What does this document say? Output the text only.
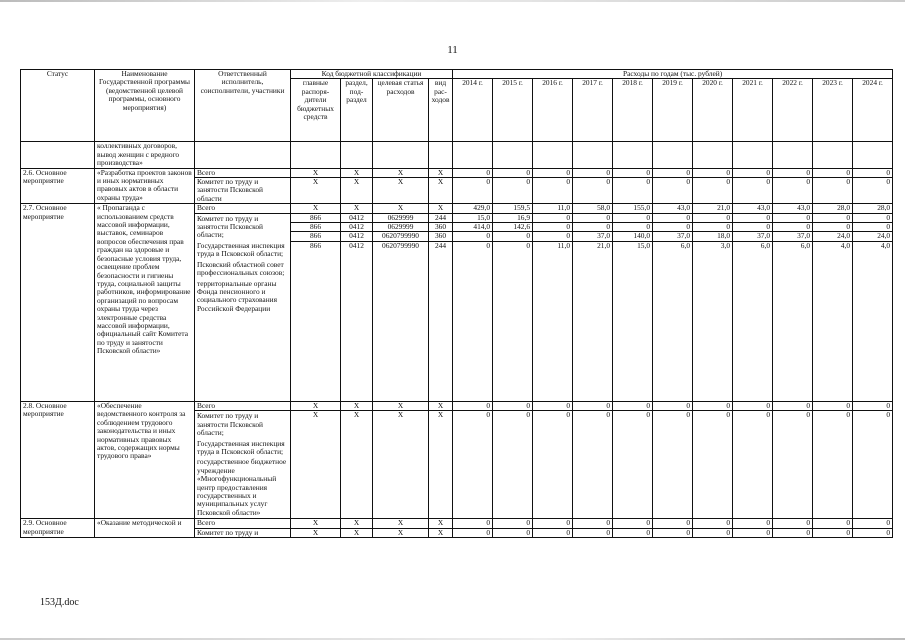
11
Статус	Наименование Государственной программы (ведомственной целевой программы, основного мероприятия)	Ответственный исполнитель, соисполнители, участники	Код бюджетной классификации				Расходы по годам (тыс. рублей)										
			главные распоря-дители бюджетных средств	раздел, под-раздел	целевая статья расходов	вид рас-ходов	2014 г.	2015 г.	2016 г.	2017 г.	2018 г.	2019 г.	2020 г.	2021 г.	2022 г.	2023 г.	2024 г.
	коллективных договоров, вывод женщин с вредного производства»																
2.6. Основное мероприятие	«Разработка проектов законов и иных нормативных правовых актов в области охраны труда»	Всего	X	X	X	X	0	0	0	0	0	0	0	0	0	0	0
		Комитет по труду и занятости Псковской области	X	X	X	X	0	0	0	0	0	0	0	0	0	0	0
2.7. Основное мероприятие	« Пропаганда с использованием средств массовой информации, выставок, семинаров вопросов обеспечения прав граждан на здоровые и безопасные условия труда, освещение проблем безопасности и гигиены труда, социальной защиты работников, информирование организаций по вопросам охраны труда через электронные средства массовой информации, официальный сайт Комитета по труду и занятости Псковской области»	Всего	X	X	X	X	429,0	159,5	11,0	58,0	155,0	43,0	21,0	43,0	43,0	28,0	28,0

		Комитет по труду и занятости Псковской области;
Государственная инспекция труда в Псковской области;
Псковский областной совет профессиональных союзов;
территориальные органы Фонда пенсионного и социального страхования Российской Федерации	866	0412	0629999	244	15,0	16,9	0	0	0	0	0	0	0	0	0
			866	0412	0629999	360	414,0	142,6	0	0	0	0	0	0	0	0	0
			866	0412	0620799990	360	0	0	0	37,0	140,0	37,0	18,0	37,0	37,0	24,0	24,0
			866	0412	0620799990	244	0	0	11,0	21,0	15,0	6,0	3,0	6,0	6,0	4,0	4,0
2.8. Основное мероприятие	«Обеспечение ведомственного контроля за соблюдением трудового законодательства и иных нормативных правовых актов, содержащих нормы трудового права»	Всего	X	X	X	X	0	0	0	0	0	0	0	0	0	0	0

		Комитет по труду и занятости Псковской области;
Государственная инспекция труда в Псковской области;
государственное бюджетное учреждение «Многофункциональный центр предоставления государственных и муниципальных услуг Псковской области»	X	X	X	X	0	0	0	0	0	0	0	0	0	0	0
2.9. Основное мероприятие	«Оказание методической и	Всего	X	X	X	X	0	0	0	0	0	0	0	0	0	0	0
		Комитет по труду и	X	X	X	X	0	0	0	0	0	0	0	0	0	0	0
153Д.doc
